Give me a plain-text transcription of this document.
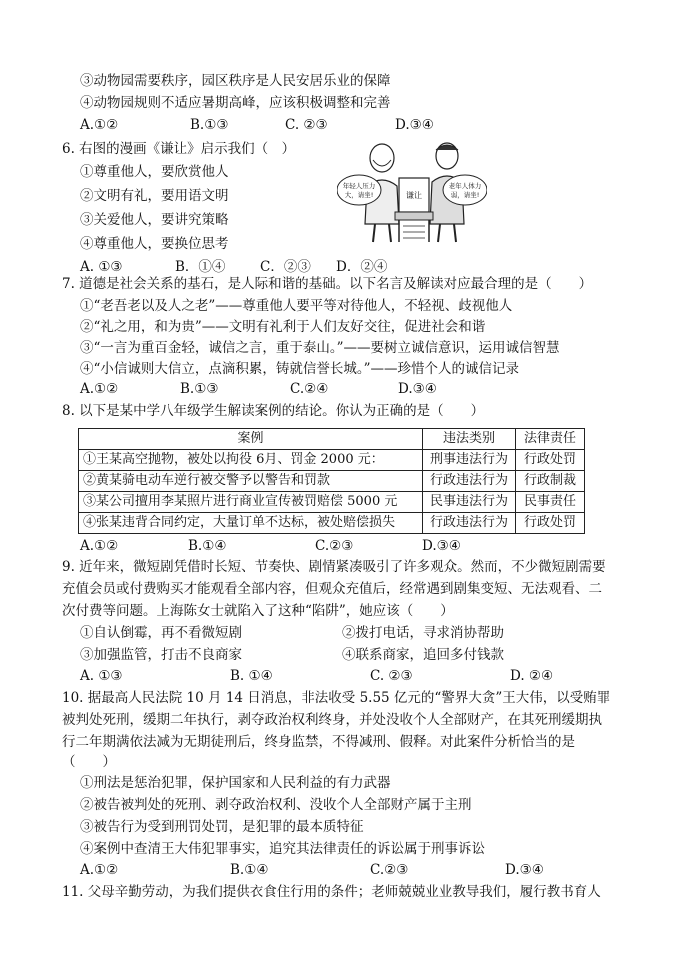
③动物园需要秩序，园区秩序是人民安居乐业的保障
④动物园规则不适应暑期高峰，应该积极调整和完善
A.①②	B.①③	C. ②③	D.③④
6. 右图的漫画《谦让》启示我们（　）
①尊重他人，要欣赏他人
②文明有礼，要用语文明
③关爱他人，要讲究策略
④尊重他人，要换位思考
A. ①③	B．①④	C．②③ D．②④
年轻人压力
大，请坐!
老年人体力
弱，请坐!
谦让
7. 道德是社会关系的基石，是人际和谐的基础。以下名言及解读对应最合理的是（　　）
①“老吾老以及人之老”——尊重他人要平等对待他人，不轻视、歧视他人
②“礼之用，和为贵”——文明有礼利于人们友好交往，促进社会和谐
③“一言为重百金轻，诚信之言，重于泰山。”——要树立诚信意识，运用诚信智慧
④“小信诚则大信立，点滴积累，铸就信誉长城。”——珍惜个人的诚信记录
A.①②	B.①③	C.②④	D.③④
8. 以下是某中学八年级学生解读案例的结论。你认为正确的是（　　）
案例	违法类别	法律责任
①王某高空抛物，被处以拘役 6月、罚金 2000 元：	刑事违法行为	行政处罚
②黄某骑电动车逆行被交警予以警告和罚款	行政违法行为	行政制裁
③某公司擅用李某照片进行商业宣传被罚赔偿 5000 元	民事违法行为	民事责任
④张某违背合同约定，大量订单不达标，被处赔偿损失	行政违法行为	行政处罚
A.①②	B.①④	C.②③	D.③④
9. 近年来，微短剧凭借时长短、节奏快、剧情紧凑吸引了许多观众。然而，不少微短剧需要
充值会员或付费购买才能观看全部内容，但观众充值后，经常遇到剧集变短、无法观看、二
次付费等问题。上海陈女士就陷入了这种“陷阱”，她应该（　　）
①自认倒霉，再不看微短剧	②拨打电话，寻求消协帮助
③加强监管，打击不良商家	④联系商家，追回多付钱款
A. ①③	B. ①④	C. ②③	D. ②④
10. 据最高人民法院 10 月 14 日消息，非法收受 5.55 亿元的“警界大贪”王大伟，以受贿罪
被判处死刑，缓期二年执行，剥夺政治权利终身，并处没收个人全部财产，在其死刑缓期执
行二年期满依法减为无期徒刑后，终身监禁，不得减刑、假释。对此案件分析恰当的是
（　　）
①刑法是惩治犯罪，保护国家和人民利益的有力武器
②被告被判处的死刑、剥夺政治权利、没收个人全部财产属于主刑
③被告行为受到刑罚处罚，是犯罪的最本质特征
④案例中查清王大伟犯罪事实，追究其法律责任的诉讼属于刑事诉讼
A.①②	B.①④	C.②③	D.③④
11. 父母辛勤劳动，为我们提供衣食住行用的条件；老师兢兢业业教导我们，履行教书育人
